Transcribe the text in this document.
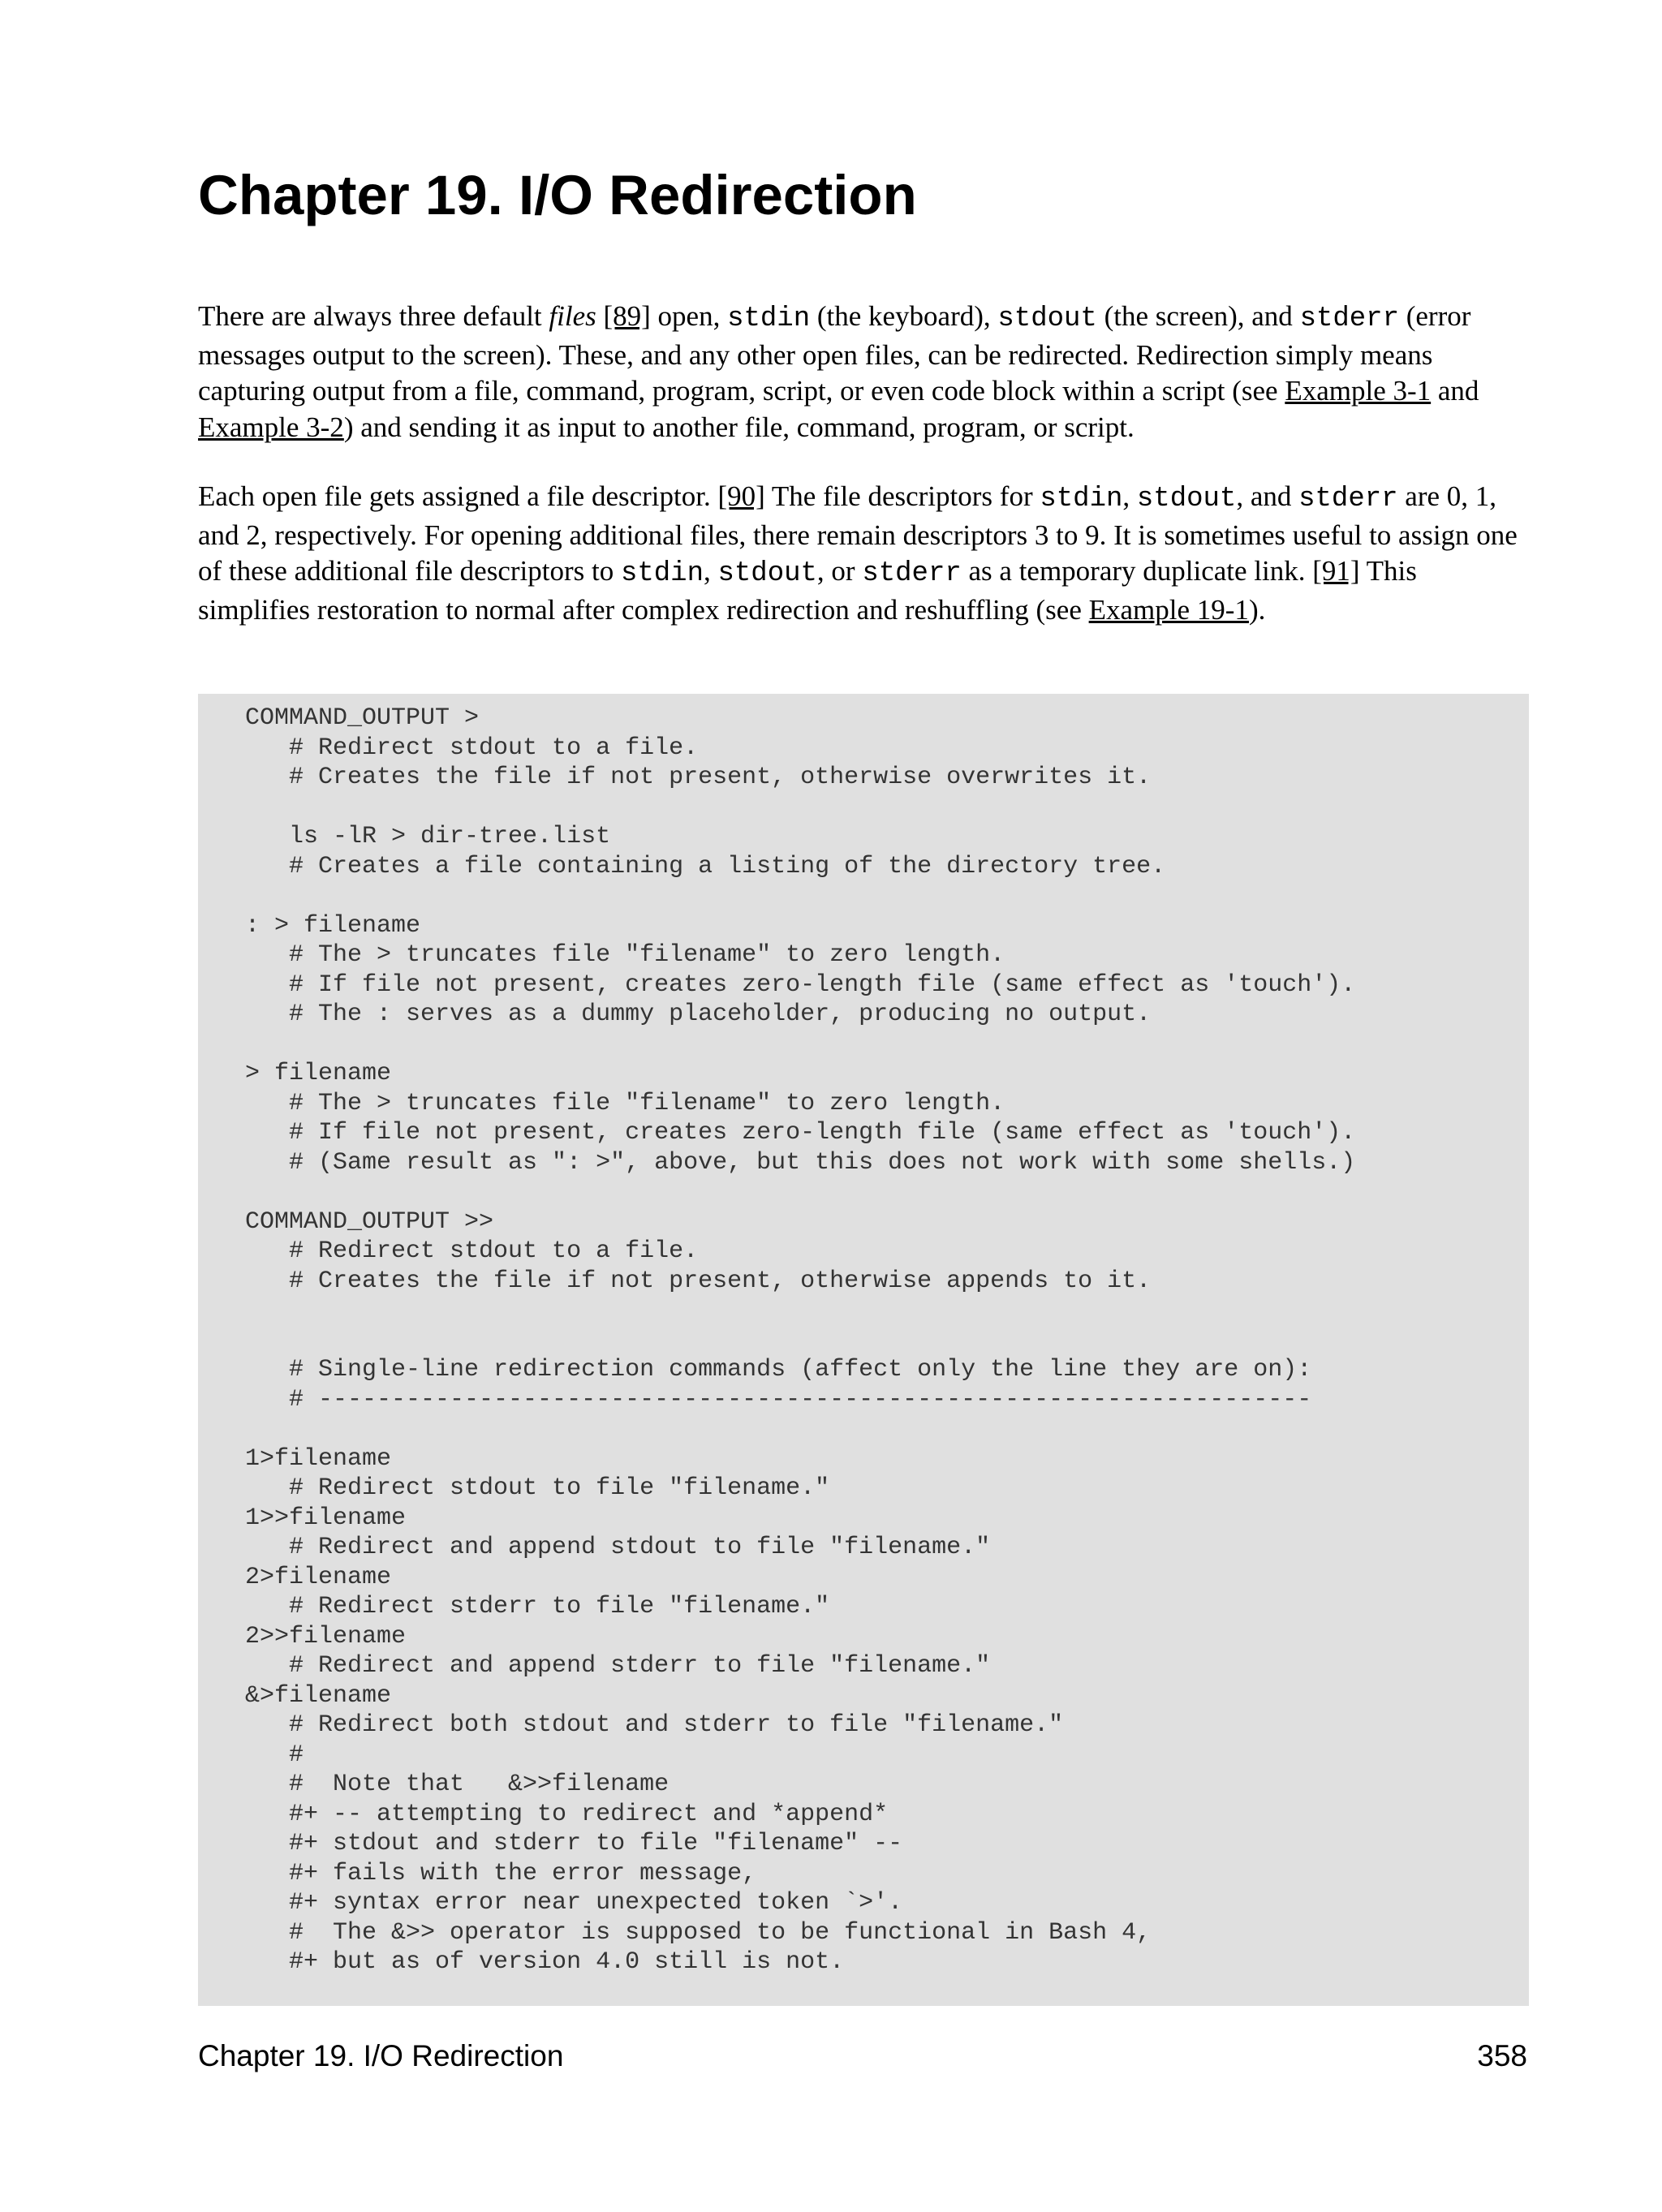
Chapter 19. I/O Redirection

There are always three default files [89] open, stdin (the keyboard), stdout (the screen), and stderr (error messages output to the screen). These, and any other open files, can be redirected. Redirection simply means capturing output from a file, command, program, script, or even code block within a script (see Example 3-1 and Example 3-2) and sending it as input to another file, command, program, or script.

Each open file gets assigned a file descriptor. [90] The file descriptors for stdin, stdout, and stderr are 0, 1, and 2, respectively. For opening additional files, there remain descriptors 3 to 9. It is sometimes useful to assign one of these additional file descriptors to stdin, stdout, or stderr as a temporary duplicate link. [91] This simplifies restoration to normal after complex redirection and reshuffling (see Example 19-1).

COMMAND_OUTPUT >
# Redirect stdout to a file.
# Creates the file if not present, otherwise overwrites it.

ls -lR > dir-tree.list
# Creates a file containing a listing of the directory tree.

: > filename
# The > truncates file "filename" to zero length.
# If file not present, creates zero-length file (same effect as 'touch').
# The : serves as a dummy placeholder, producing no output.

> filename
# The > truncates file "filename" to zero length.
# If file not present, creates zero-length file (same effect as 'touch').
# (Same result as ": >", above, but this does not work with some shells.)

COMMAND_OUTPUT >>
# Redirect stdout to a file.
# Creates the file if not present, otherwise appends to it.

# Single-line redirection commands (affect only the line they are on):
# --------------------------------------------------------------------

1>filename
# Redirect stdout to file "filename."
1>>filename
# Redirect and append stdout to file "filename."
2>filename
# Redirect stderr to file "filename."
2>>filename
# Redirect and append stderr to file "filename."
&>filename
# Redirect both stdout and stderr to file "filename."
#
#  Note that   &>>filename
#+ -- attempting to redirect and *append*
#+ stdout and stderr to file "filename" --
#+ fails with the error message,
#+ syntax error near unexpected token `>'.
#  The &>> operator is supposed to be functional in Bash 4,
#+ but as of version 4.0 still is not.
Chapter 19. I/O Redirection	358
